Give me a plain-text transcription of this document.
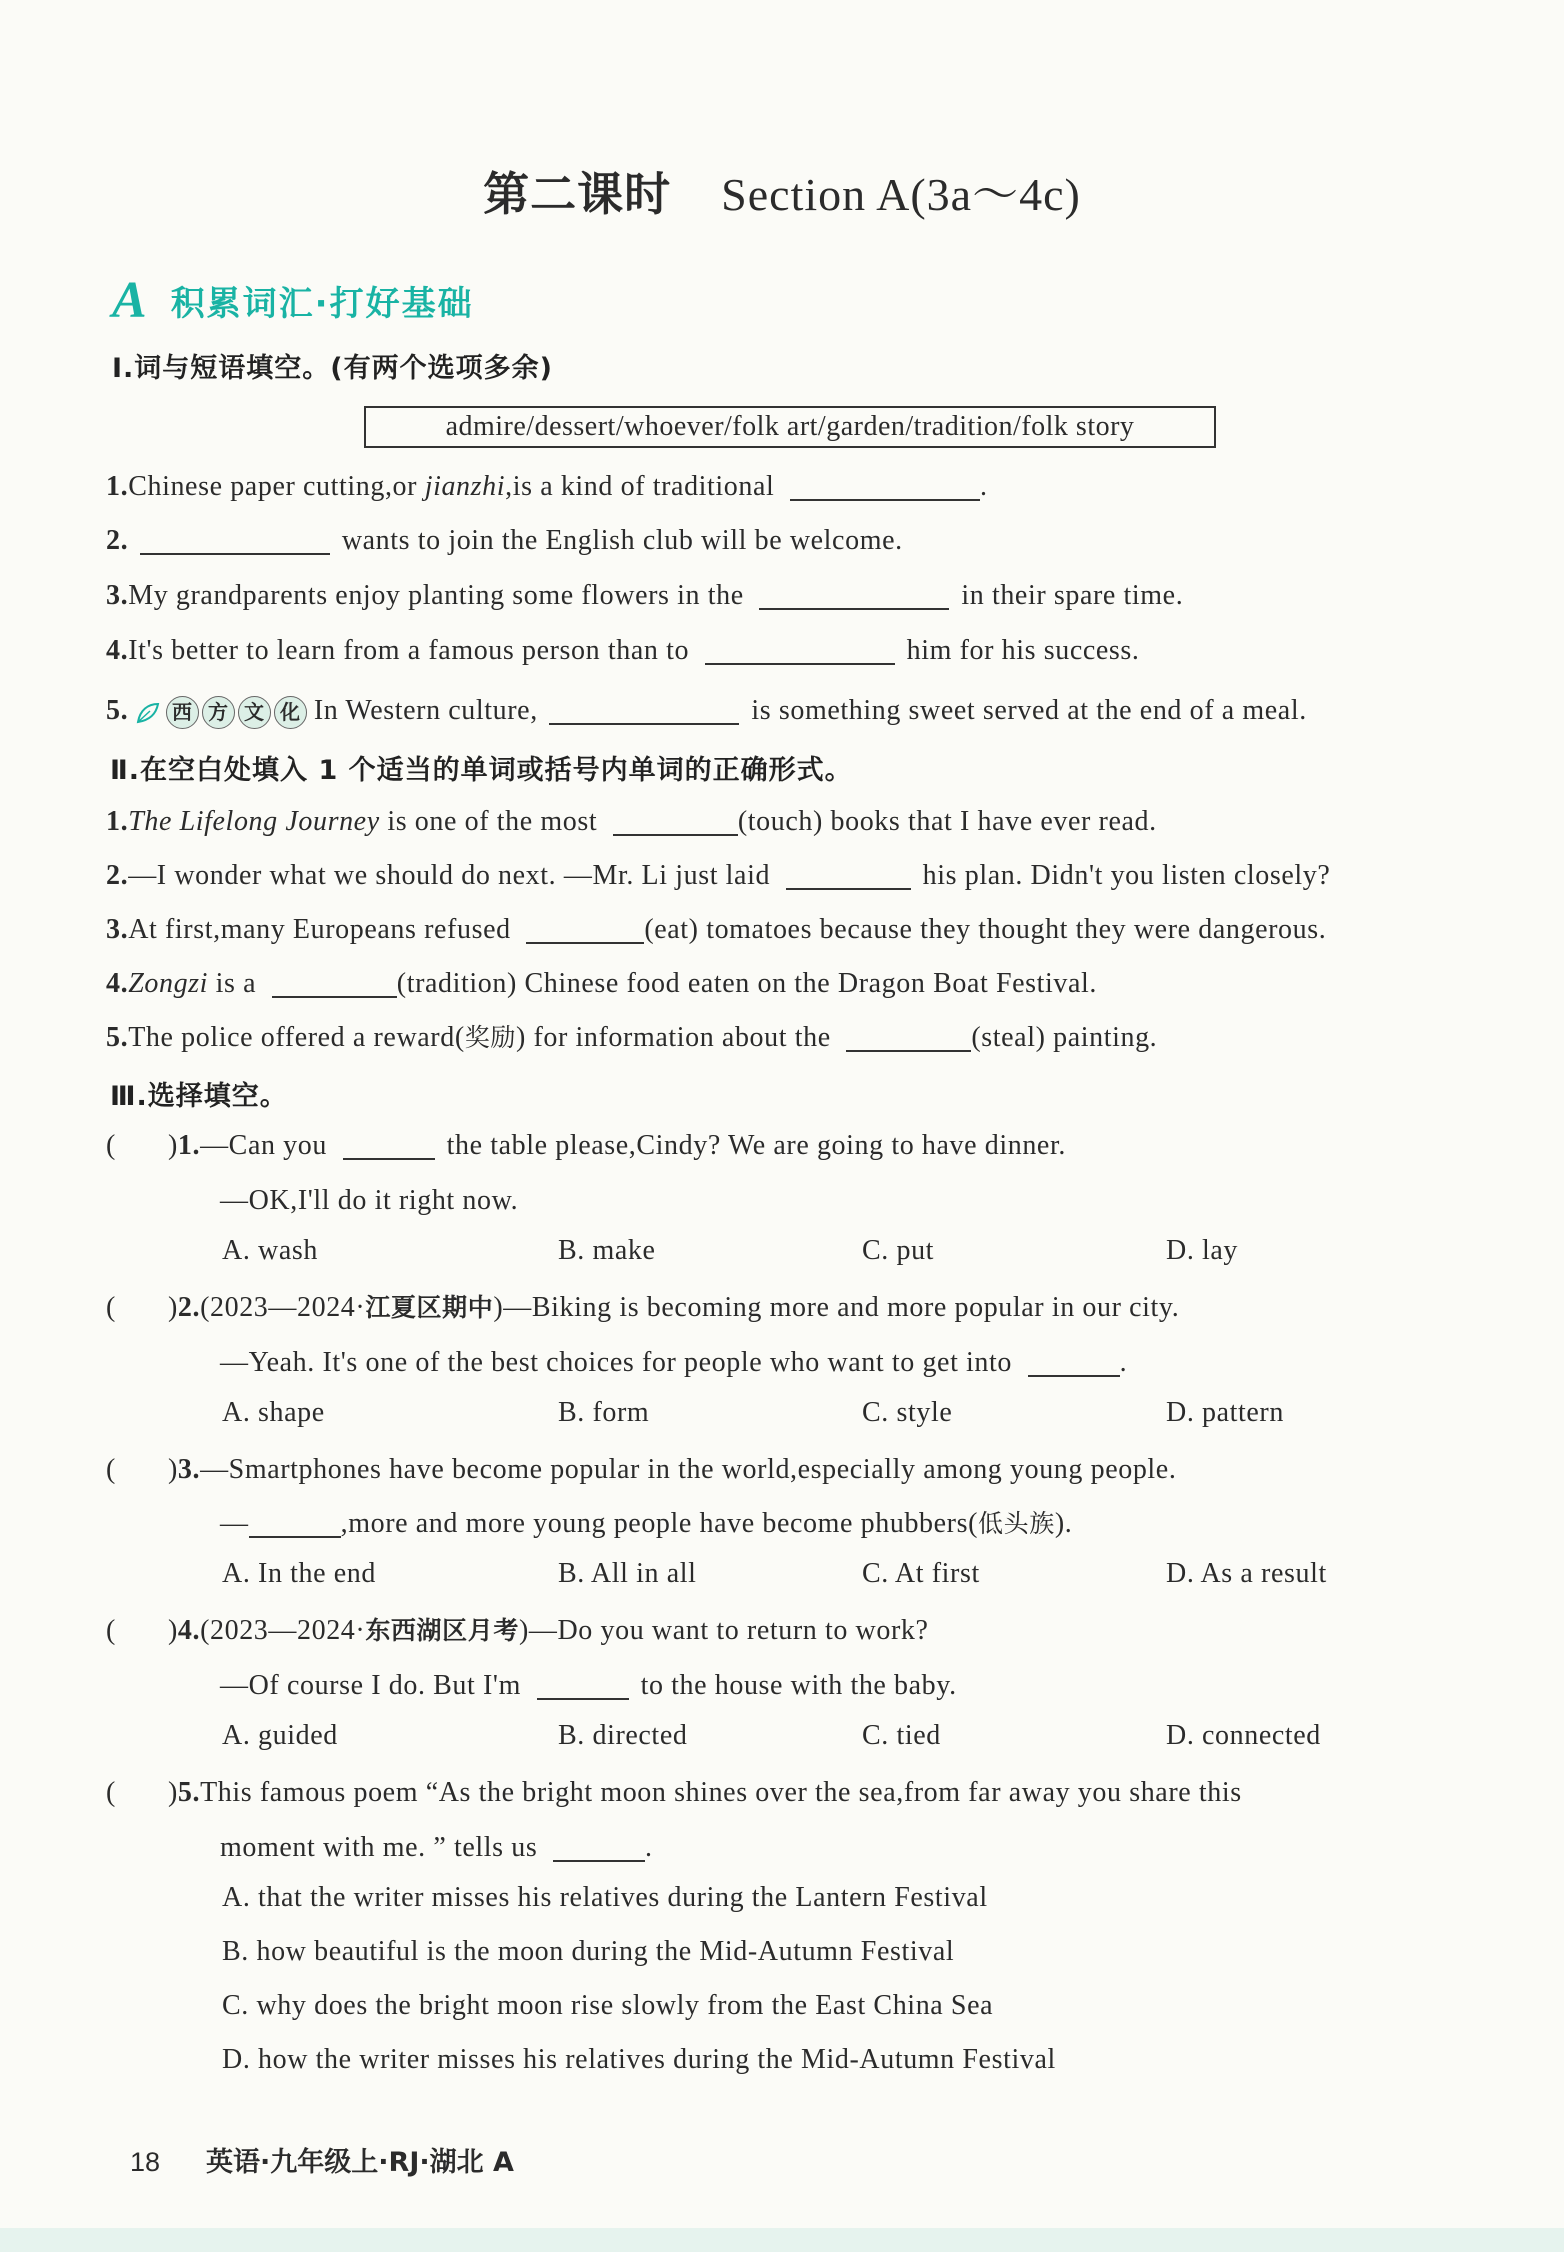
第二课时 Section A(3a～4c)
A 积累词汇·打好基础
Ⅰ.词与短语填空。(有两个选项多余)
admire/dessert/whoever/folk art/garden/tradition/folk story
1.Chinese paper cutting,or jianzhi,is a kind of traditional	.
2.	wants to join the English club will be welcome.
3.My grandparents enjoy planting some flowers in the	in their spare time.
4.It's better to learn from a famous person than to	him for his success.
5.	西 方 文 化 In Western culture,	is something sweet served at the end of a meal.
Ⅱ.在空白处填入 1 个适当的单词或括号内单词的正确形式。
1.The Lifelong Journey is one of the most	(touch) books that I have ever read.
2.—I wonder what we should do next. —Mr. Li just laid	his plan. Didn't you listen closely?
3.At first,many Europeans refused	(eat) tomatoes because they thought they were dangerous.
4.Zongzi is a	(tradition) Chinese food eaten on the Dragon Boat Festival.
5.The police offered a reward(奖励) for information about the	(steal) painting.
Ⅲ.选择填空。
( )1.—Can you	the table please,Cindy? We are going to have dinner.
—OK,I'll do it right now.
A. wash	B. make	C. put	D. lay
( )2.(2023—2024·江夏区期中)—Biking is becoming more and more popular in our city.
—Yeah. It's one of the best choices for people who want to get into	.
A. shape	B. form	C. style	D. pattern
( )3.—Smartphones have become popular in the world,especially among young people.
—	,more and more young people have become phubbers(低头族).
A. In the end	B. All in all	C. At first	D. As a result
( )4.(2023—2024·东西湖区月考)—Do you want to return to work?
—Of course I do. But I'm	to the house with the baby.
A. guided	B. directed	C. tied	D. connected
( )5.This famous poem “As the bright moon shines over the sea,from far away you share this
moment with me. ” tells us	.
A. that the writer misses his relatives during the Lantern Festival
B. how beautiful is the moon during the Mid-Autumn Festival
C. why does the bright moon rise slowly from the East China Sea
D. how the writer misses his relatives during the Mid-Autumn Festival
18 英语·九年级上·RJ·湖北 A
